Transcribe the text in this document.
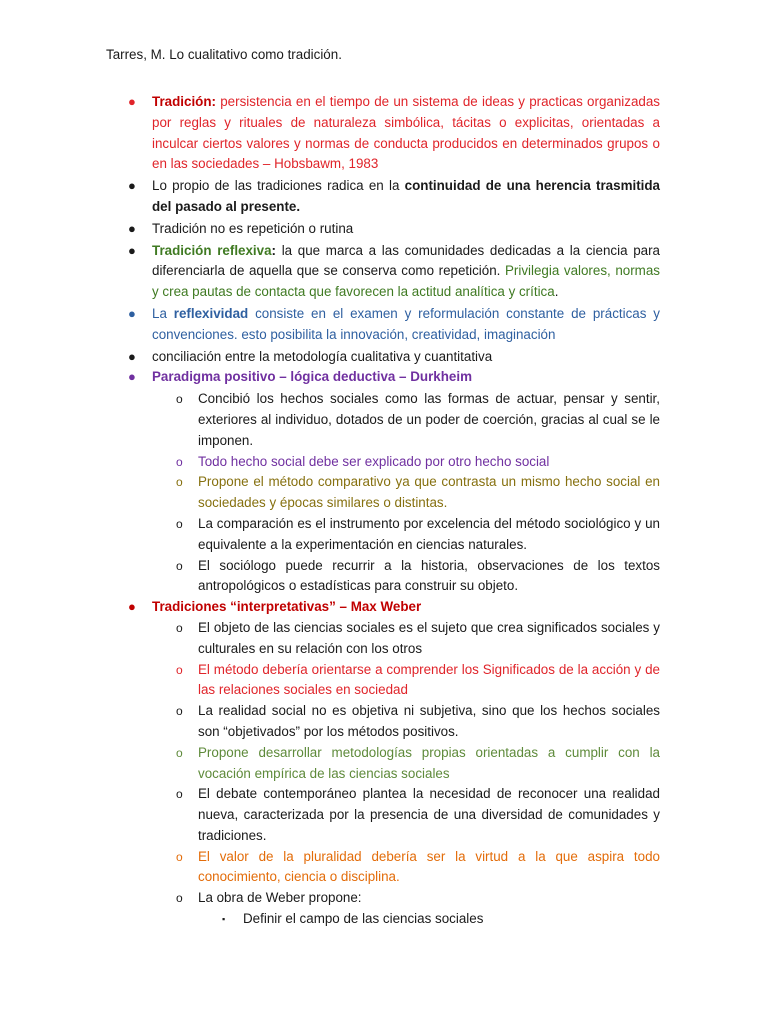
Tarres, M. Lo cualitativo como tradición.

● Tradición: persistencia en el tiempo de un sistema de ideas y practicas organizadas por reglas y rituales de naturaleza simbólica, tácitas o explicitas, orientadas a inculcar ciertos valores y normas de conducta producidos en determinados grupos o en las sociedades – Hobsbawm, 1983

● Lo propio de las tradiciones radica en la continuidad de una herencia trasmitida del pasado al presente.

● Tradición no es repetición o rutina

● Tradición reflexiva: la que marca a las comunidades dedicadas a la ciencia para diferenciarla de aquella que se conserva como repetición. Privilegia valores, normas y crea pautas de contacta que favorecen la actitud analítica y crítica.

● La reflexividad consiste en el examen y reformulación constante de prácticas y convenciones. esto posibilita la innovación, creatividad, imaginación

● conciliación entre la metodología cualitativa y cuantitativa

● Paradigma positivo – lógica deductiva – Durkheim

o Concibió los hechos sociales como las formas de actuar, pensar y sentir, exteriores al individuo, dotados de un poder de coerción, gracias al cual se le imponen.

o Todo hecho social debe ser explicado por otro hecho social

o Propone el método comparativo ya que contrasta un mismo hecho social en sociedades y épocas similares o distintas.

o La comparación es el instrumento por excelencia del método sociológico y un equivalente a la experimentación en ciencias naturales.

o El sociólogo puede recurrir a la historia, observaciones de los textos antropológicos o estadísticas para construir su objeto.

● Tradiciones “interpretativas” – Max Weber

o El objeto de las ciencias sociales es el sujeto que crea significados sociales y culturales en su relación con los otros

o El método debería orientarse a comprender los Significados de la acción y de las relaciones sociales en sociedad

o La realidad social no es objetiva ni subjetiva, sino que los hechos sociales son “objetivados” por los métodos positivos.

o Propone desarrollar metodologías propias orientadas a cumplir con la vocación empírica de las ciencias sociales

o El debate contemporáneo plantea la necesidad de reconocer una realidad nueva, caracterizada por la presencia de una diversidad de comunidades y tradiciones.

o El valor de la pluralidad debería ser la virtud a la que aspira todo conocimiento, ciencia o disciplina.

o La obra de Weber propone:

▪ Definir el campo de las ciencias sociales
